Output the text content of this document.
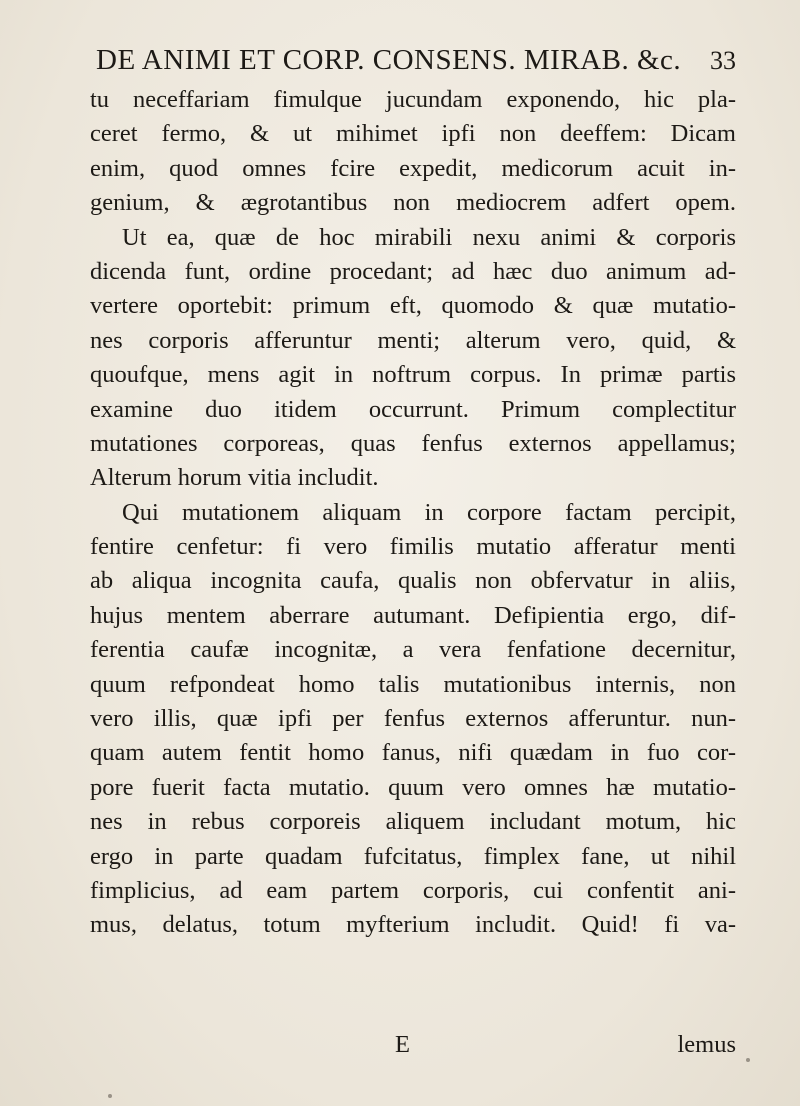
DE ANIMI ET CORP. CONSENS. MIRAB. &c. 33
tu neceffariam fimulque jucundam exponendo, hic pla-
ceret fermo, & ut mihimet ipfi non deeffem: Dicam
enim, quod omnes fcire expedit, medicorum acuit in-
genium, & ægrotantibus non mediocrem adfert opem.
Ut ea, quæ de hoc mirabili nexu animi & corporis
dicenda funt, ordine procedant; ad hæc duo animum ad-
vertere oportebit: primum eft, quomodo & quæ mutatio-
nes corporis afferuntur menti; alterum vero, quid, &
quoufque, mens agit in noftrum corpus. In primæ partis
examine duo itidem occurrunt. Primum complectitur
mutationes corporeas, quas fenfus externos appellamus;
Alterum horum vitia includit.
Qui mutationem aliquam in corpore factam percipit,
fentire cenfetur: fi vero fimilis mutatio afferatur menti
ab aliqua incognita caufa, qualis non obfervatur in aliis,
hujus mentem aberrare autumant. Defipientia ergo, dif-
ferentia caufæ incognitæ, a vera fenfatione decernitur,
quum refpondeat homo talis mutationibus internis, non
vero illis, quæ ipfi per fenfus externos afferuntur. nun-
quam autem fentit homo fanus, nifi quædam in fuo cor-
pore fuerit facta mutatio. quum vero omnes hæ mutatio-
nes in rebus corporeis aliquem includant motum, hic
ergo in parte quadam fufcitatus, fimplex fane, ut nihil
fimplicius, ad eam partem corporis, cui confentit ani-
mus, delatus, totum myfterium includit. Quid! fi va-
E	lemus
